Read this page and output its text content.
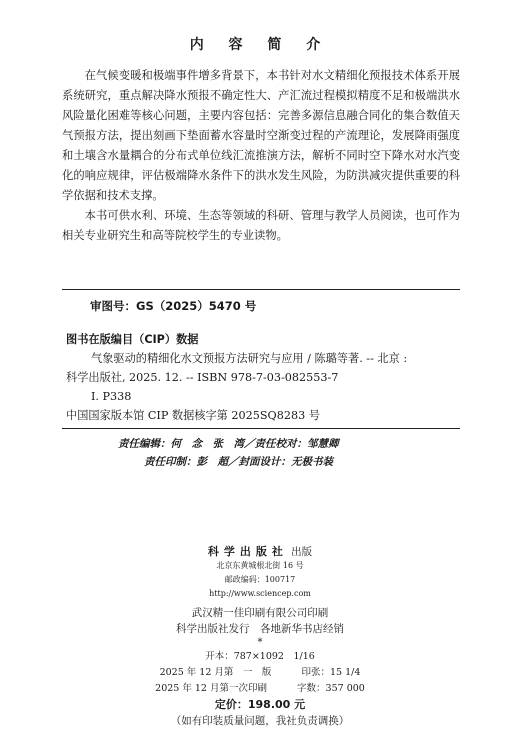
内 容 简 介

在气候变暖和极端事件增多背景下，本书针对水文精细化预报技术体系开展系统研究，重点解决降水预报不确定性大、产汇流过程模拟精度不足和极端洪水风险量化困难等核心问题，主要内容包括：完善多源信息融合同化的集合数值天气预报方法，提出刻画下垫面蓄水容量时空渐变过程的产流理论，发展降雨强度和土壤含水量耦合的分布式单位线汇流推演方法，解析不同时空下降水对水汽变化的响应规律，评估极端降水条件下的洪水发生风险，为防洪减灾提供重要的科学依据和技术支撑。

本书可供水利、环境、生态等领域的科研、管理与教学人员阅读，也可作为相关专业研究生和高等院校学生的专业读物。

审图号：GS（2025）5470 号
图书在版编目（CIP）数据
气象驱动的精细化水文预报方法研究与应用 / 陈璐等著. -- 北京 :
科学出版社, 2025. 12. -- ISBN 978-7-03-082553-7
I. P338
中国国家版本馆 CIP 数据核字第 2025SQ8283 号
责任编辑：何　念　张　湾／责任校对：邹慧卿
责任印制：彭　超／封面设计：无极书装
科学出版社 出版
北京东黄城根北街 16 号
邮政编码：100717
http://www.sciencep.com
武汉精一佳印刷有限公司印刷
科学出版社发行　各地新华书店经销
*
开本：787×1092　1/16
2025 年 12 月第　一　版	印张：15 1/4
2025 年 12 月第一次印刷	字数：357 000
定价：198.00 元
（如有印装质量问题，我社负责调换）
